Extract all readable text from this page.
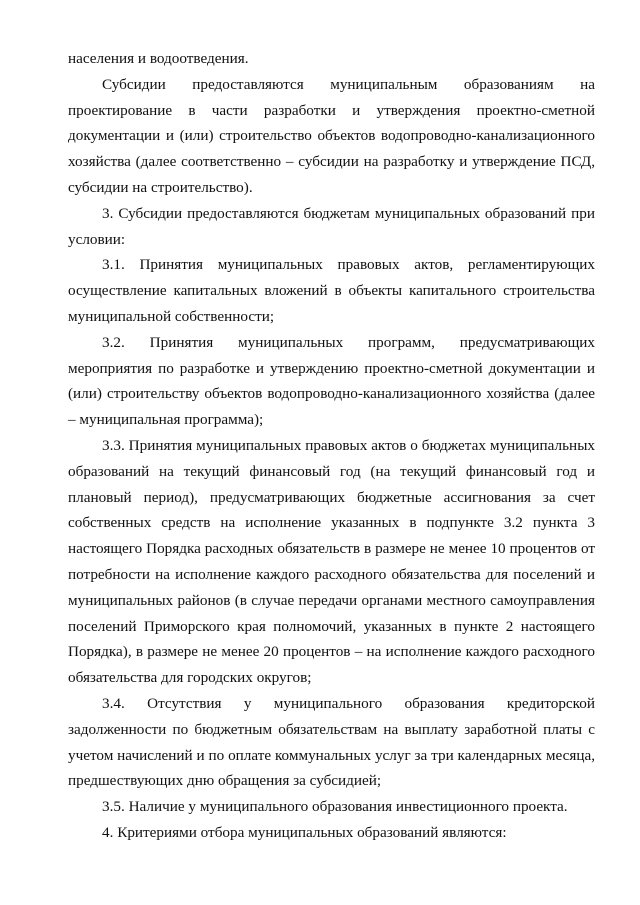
населения и водоотведения.

Субсидии предоставляются муниципальным образованиям на проектирование в части разработки и утверждения проектно-сметной документации и (или) строительство объектов водопроводно-канализационного хозяйства (далее соответственно – субсидии на разработку и утверждение ПСД, субсидии на строительство).

3. Субсидии предоставляются бюджетам муниципальных образований при условии:

3.1. Принятия муниципальных правовых актов, регламентирующих осуществление капитальных вложений в объекты капитального строительства муниципальной собственности;

3.2. Принятия муниципальных программ, предусматривающих мероприятия по разработке и утверждению проектно-сметной документации и (или) строительству объектов водопроводно-канализационного хозяйства (далее – муниципальная программа);

3.3. Принятия муниципальных правовых актов о бюджетах муниципальных образований на текущий финансовый год (на текущий финансовый год и плановый период), предусматривающих бюджетные ассигнования за счет собственных средств на исполнение указанных в подпункте 3.2 пункта 3 настоящего Порядка расходных обязательств в размере не менее 10 процентов от потребности на исполнение каждого расходного обязательства для поселений и муниципальных районов (в случае передачи органами местного самоуправления поселений Приморского края полномочий, указанных в пункте 2 настоящего Порядка), в размере не менее 20 процентов – на исполнение каждого расходного обязательства для городских округов;

3.4. Отсутствия у муниципального образования кредиторской задолженности по бюджетным обязательствам на выплату заработной платы с учетом начислений и по оплате коммунальных услуг за три календарных месяца, предшествующих дню обращения за субсидией;

3.5. Наличие у муниципального образования инвестиционного проекта.

4. Критериями отбора муниципальных образований являются:
